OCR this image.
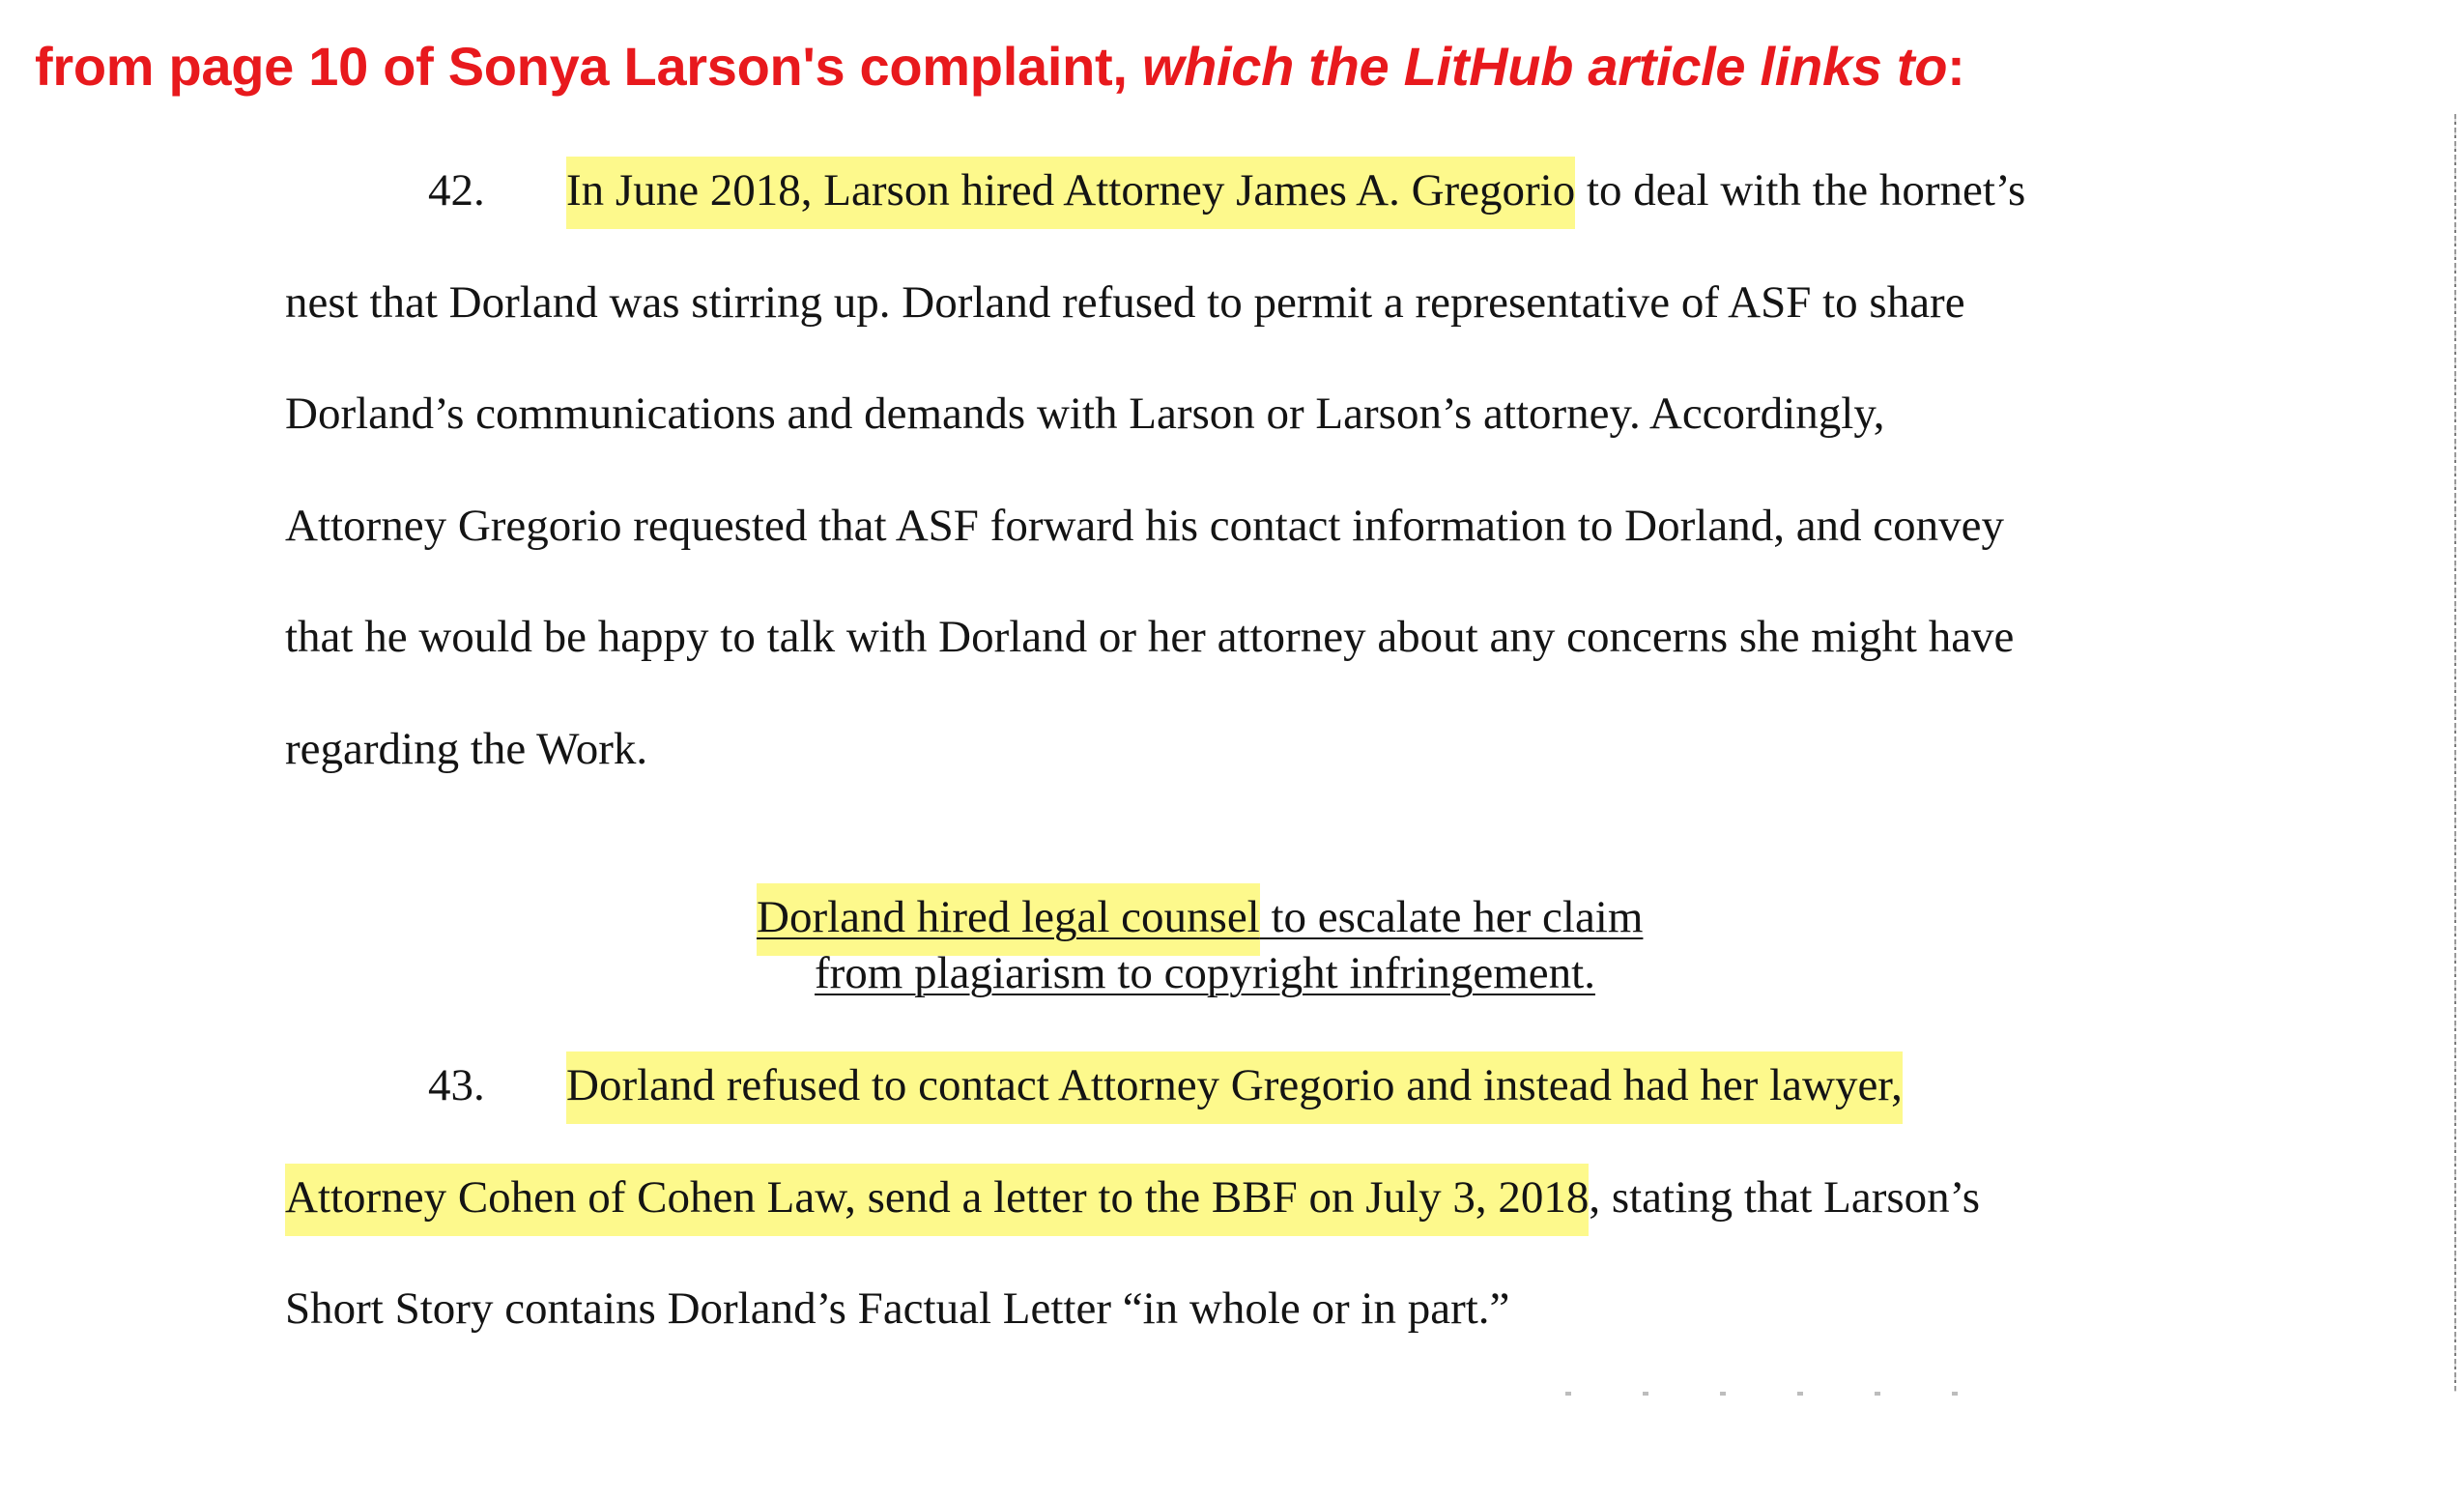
from page 10 of Sonya Larson's complaint, which the LitHub article links to:
42. In June 2018, Larson hired Attorney James A. Gregorio to deal with the hornet’s
nest that Dorland was stirring up. Dorland refused to permit a representative of ASF to share
Dorland’s communications and demands with Larson or Larson’s attorney. Accordingly,
Attorney Gregorio requested that ASF forward his contact information to Dorland, and convey
that he would be happy to talk with Dorland or her attorney about any concerns she might have
regarding the Work.
Dorland hired legal counsel to escalate her claim
from plagiarism to copyright infringement.
43. Dorland refused to contact Attorney Gregorio and instead had her lawyer,
Attorney Cohen of Cohen Law, send a letter to the BBF on July 3, 2018, stating that Larson’s
Short Story contains Dorland’s Factual Letter “in whole or in part.”
